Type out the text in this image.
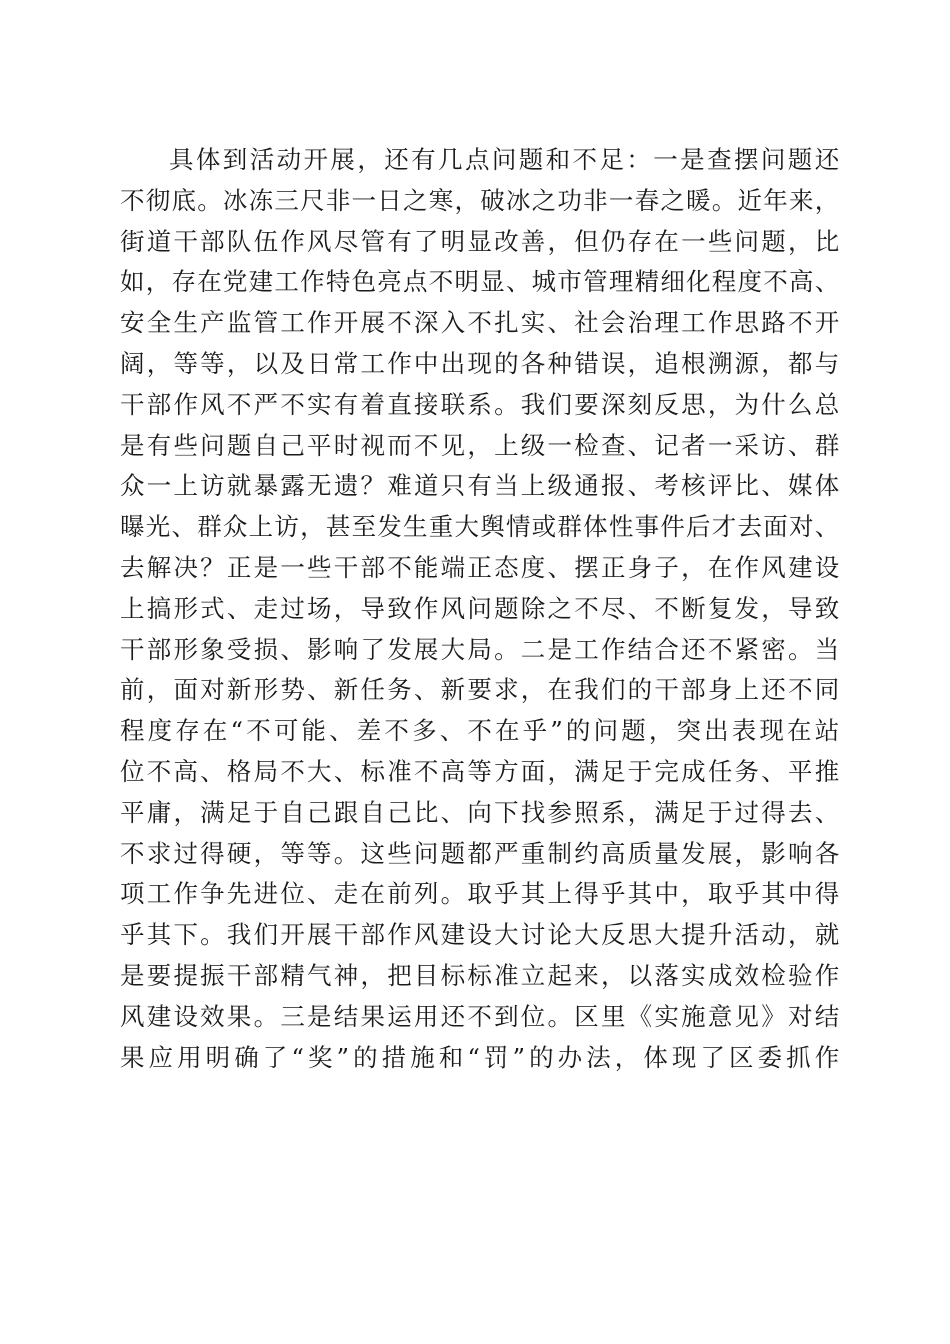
具体到活动开展，还有几点问题和不足：一是查摆问题还
不彻底。冰冻三尺非一日之寒，破冰之功非一春之暖。近年来，
街道干部队伍作风尽管有了明显改善，但仍存在一些问题，比
如，存在党建工作特色亮点不明显、城市管理精细化程度不高、
安全生产监管工作开展不深入不扎实、社会治理工作思路不开
阔，等等，以及日常工作中出现的各种错误，追根溯源，都与
干部作风不严不实有着直接联系。我们要深刻反思，为什么总
是有些问题自己平时视而不见，上级一检查、记者一采访、群
众一上访就暴露无遗？难道只有当上级通报、考核评比、媒体
曝光、群众上访，甚至发生重大舆情或群体性事件后才去面对、
去解决？正是一些干部不能端正态度、摆正身子，在作风建设
上搞形式、走过场，导致作风问题除之不尽、不断复发，导致
干部形象受损、影响了发展大局。二是工作结合还不紧密。当
前，面对新形势、新任务、新要求，在我们的干部身上还不同
程度存在“不可能、差不多、不在乎”的问题，突出表现在站
位不高、格局不大、标准不高等方面，满足于完成任务、平推
平庸，满足于自己跟自己比、向下找参照系，满足于过得去、
不求过得硬，等等。这些问题都严重制约高质量发展，影响各
项工作争先进位、走在前列。取乎其上得乎其中，取乎其中得
乎其下。我们开展干部作风建设大讨论大反思大提升活动，就
是要提振干部精气神，把目标标准立起来，以落实成效检验作
风建设效果。三是结果运用还不到位。区里《实施意见》对结
果应用明确了“奖”的措施和“罚”的办法，体现了区委抓作
